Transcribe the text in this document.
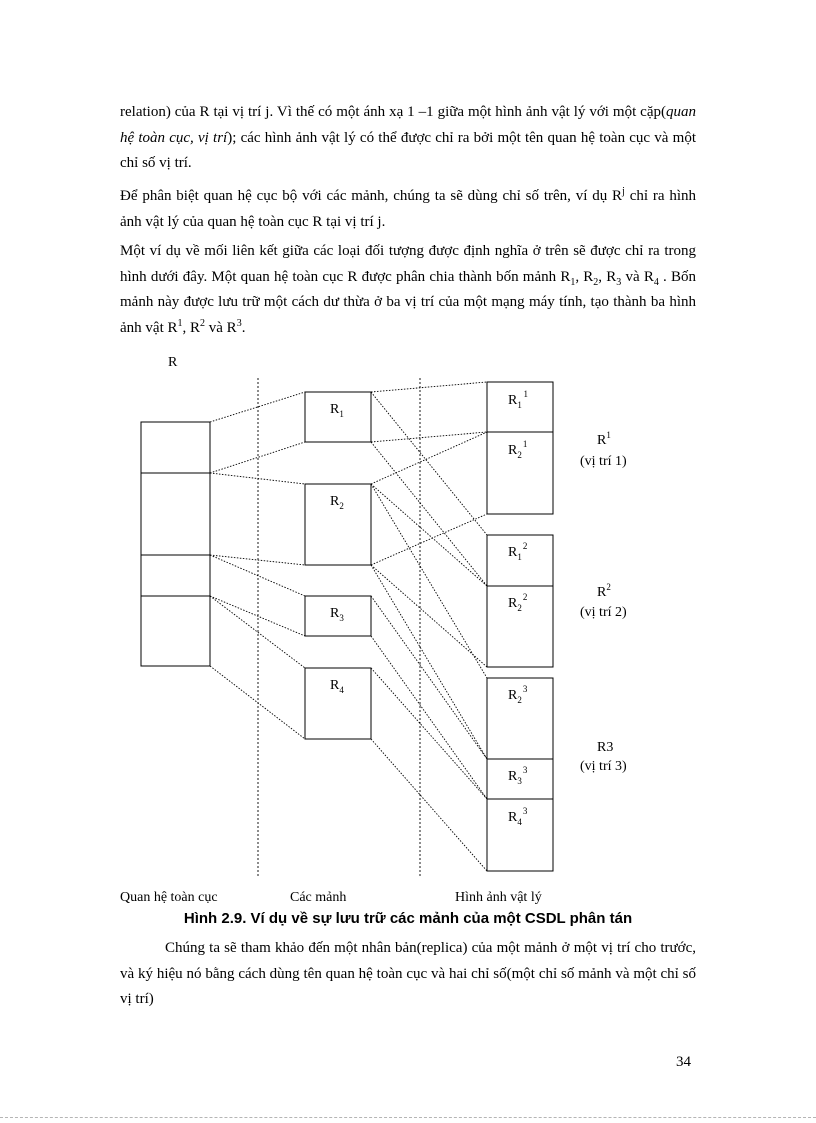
relation) của R tại vị trí j. Vì thế có một ánh xạ 1 –1 giữa một hình ảnh vật lý với một cặp(quan hệ toàn cục, vị trí); các hình ảnh vật lý có thể được chỉ ra bởi một tên quan hệ toàn cục và một chỉ số vị trí.

Để phân biệt quan hệ cục bộ với các mảnh, chúng ta sẽ dùng chỉ số trên, ví dụ $R^j$ chỉ ra hình ảnh vật lý của quan hệ toàn cục R tại vị trí j.

Một ví dụ về mối liên kết giữa các loại đối tượng được định nghĩa ở trên sẽ được chỉ ra trong hình dưới đây. Một quan hệ toàn cục R được phân chia thành bốn mảnh $R_1$, $R_2$, $R_3$ và $R_4$ . Bốn mảnh này được lưu trữ một cách dư thừa ở ba vị trí của một mạng máy tính, tạo thành ba hình ảnh vật $R^1$, $R^2$ và $R^3$.

R
$R_1$
$R_2$
$R_3$
$R_4$
$R_1^1$
$R_2^1$
$R_1^2$
$R_2^2$
$R_2^3$
$R_3^3$
$R_4^3$
$R^1$
(vị trí 1)
$R^2$
(vị trí 2)
R3
(vị trí 3)
Quan hệ toàn cục	Các mảnh	Hình ảnh vật lý
Hình 2.9. Ví dụ về sự lưu trữ các mảnh của một CSDL phân tán

Chúng ta sẽ tham khảo đến một nhân bản(replica) của một mảnh ở một vị trí cho trước, và ký hiệu nó bằng cách dùng tên quan hệ toàn cục và hai chỉ số(một chỉ số mảnh và một chỉ số vị trí)

34
